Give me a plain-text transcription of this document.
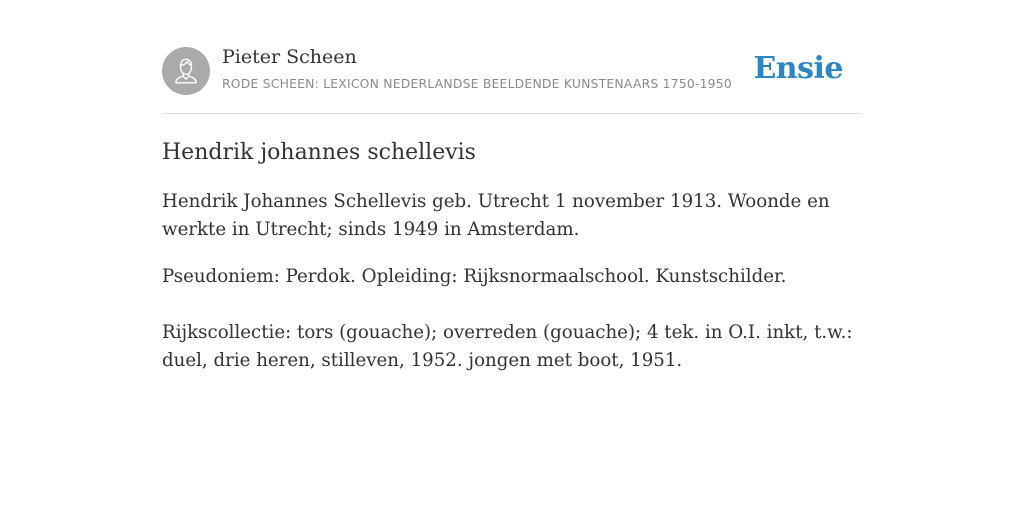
Pieter Scheen
RODE SCHEEN: LEXICON NEDERLANDSE BEELDENDE KUNSTENAARS 1750-1950 Ensie
Hendrik johannes schellevis

Hendrik Johannes Schellevis geb. Utrecht 1 november 1913. Woonde en werkte in Utrecht; sinds 1949 in Amsterdam.

Pseudoniem: Perdok. Opleiding: Rijksnormaalschool. Kunstschilder.

Rijkscollectie: tors (gouache); overreden (gouache); 4 tek. in O.I. inkt, t.w.: duel, drie heren, stilleven, 1952. jongen met boot, 1951.
